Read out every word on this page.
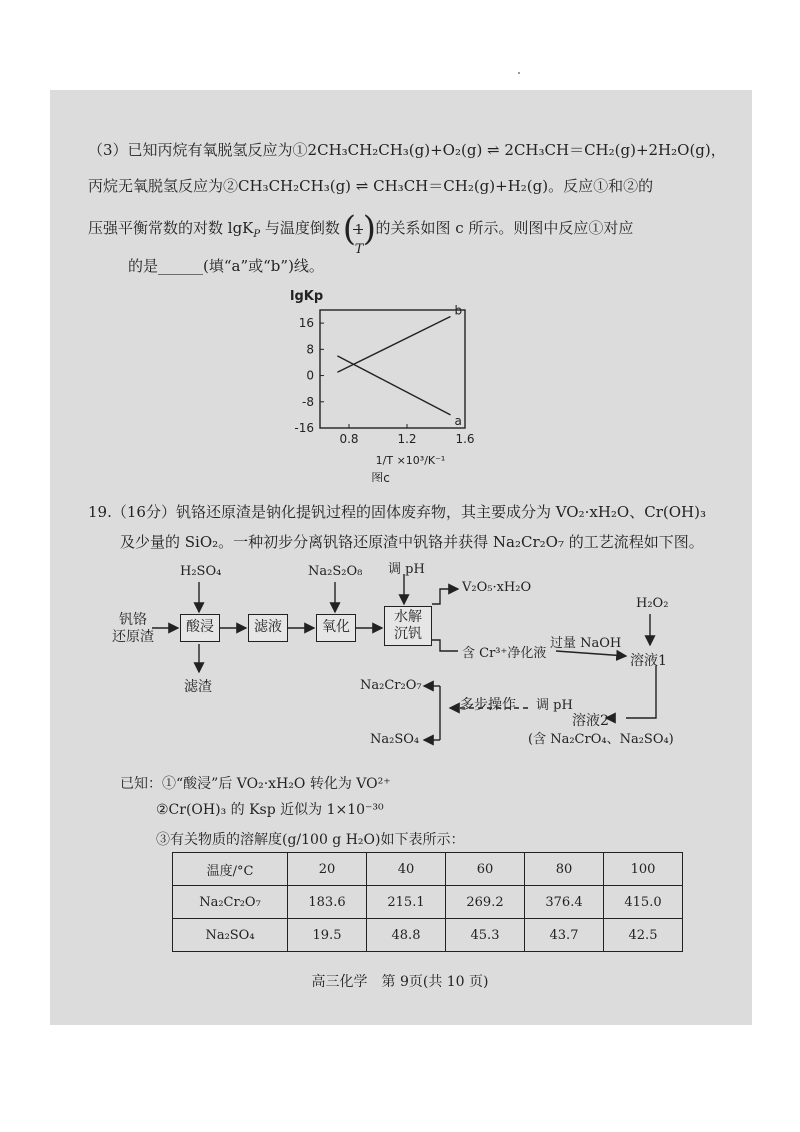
（3）已知丙烷有氧脱氢反应为①2CH₃CH₂CH₃(g)+O₂(g) ⇌ 2CH₃CH＝CH₂(g)+2H₂O(g)，
丙烷无氧脱氢反应为②CH₃CH₂CH₃(g) ⇌ CH₃CH＝CH₂(g)+H₂(g)。反应①和②的
压强平衡常数的对数 lgK$_P$ 与温度倒数 (
1
T
) 的关系如图 c 所示。则图中反应①对应
的是______(填“a”或“b”)线。
lgKp
16
8
0
-8
-16
0.8	1.2	1.6
a
b
1/T ×10³/K⁻¹
图c
19.（16分）钒铬还原渣是钠化提钒过程的固体废弃物，其主要成分为 VO₂·xH₂O、Cr(OH)₃
及少量的 SiO₂。一种初步分离钒铬还原渣中钒铬并获得 Na₂Cr₂O₇ 的工艺流程如下图。
钒铬
还原渣
H₂SO₄
酸浸
滤渣
滤液
Na₂S₂O₈
氧化
调 pH
水解
沉钒
V₂O₅·xH₂O
含 Cr³⁺净化液
过量 NaOH
H₂O₂
溶液1
溶液2
(含 Na₂CrO₄、Na₂SO₄)
调 pH
多步操作
Na₂Cr₂O₇
Na₂SO₄
已知：①“酸浸”后 VO₂·xH₂O 转化为 VO²⁺
②Cr(OH)₃ 的 Ksp 近似为 1×10⁻³⁰
③有关物质的溶解度(g/100 g H₂O)如下表所示：
温度/°C	20	40	60	80	100
Na₂Cr₂O₇	183.6	215.1	269.2	376.4	415.0
Na₂SO₄	19.5	48.8	45.3	43.7	42.5
高三化学　第 9页(共 10 页)
